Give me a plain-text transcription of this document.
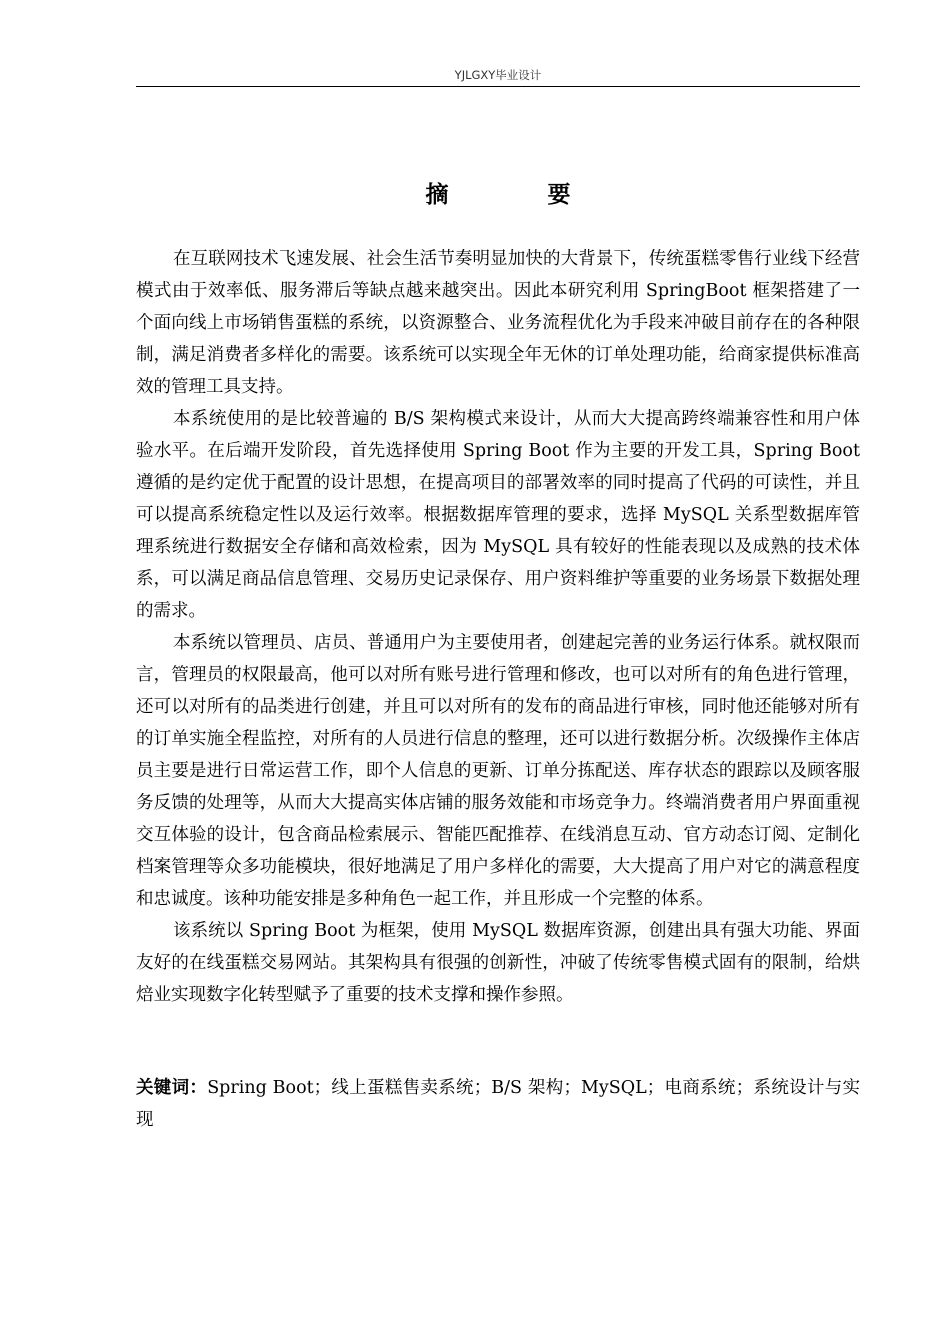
YJLGXY毕业设计
摘　要

在互联网技术飞速发展、社会生活节奏明显加快的大背景下，传统蛋糕零售行业线下经营模式由于效率低、服务滞后等缺点越来越突出。因此本研究利用 SpringBoot 框架搭建了一个面向线上市场销售蛋糕的系统，以资源整合、业务流程优化为手段来冲破目前存在的各种限制，满足消费者多样化的需要。该系统可以实现全年无休的订单处理功能，给商家提供标准高效的管理工具支持。

本系统使用的是比较普遍的 B/S 架构模式来设计，从而大大提高跨终端兼容性和用户体验水平。在后端开发阶段，首先选择使用 Spring Boot 作为主要的开发工具，Spring Boot 遵循的是约定优于配置的设计思想，在提高项目的部署效率的同时提高了代码的可读性，并且可以提高系统稳定性以及运行效率。根据数据库管理的要求，选择 MySQL 关系型数据库管理系统进行数据安全存储和高效检索，因为 MySQL 具有较好的性能表现以及成熟的技术体系，可以满足商品信息管理、交易历史记录保存、用户资料维护等重要的业务场景下数据处理的需求。

本系统以管理员、店员、普通用户为主要使用者，创建起完善的业务运行体系。就权限而言，管理员的权限最高，他可以对所有账号进行管理和修改，也可以对所有的角色进行管理，还可以对所有的品类进行创建，并且可以对所有的发布的商品进行审核，同时他还能够对所有的订单实施全程监控，对所有的人员进行信息的整理，还可以进行数据分析。次级操作主体店员主要是进行日常运营工作，即个人信息的更新、订单分拣配送、库存状态的跟踪以及顾客服务反馈的处理等，从而大大提高实体店铺的服务效能和市场竞争力。终端消费者用户界面重视交互体验的设计，包含商品检索展示、智能匹配推荐、在线消息互动、官方动态订阅、定制化档案管理等众多功能模块，很好地满足了用户多样化的需要，大大提高了用户对它的满意程度和忠诚度。该种功能安排是多种角色一起工作，并且形成一个完整的体系。

该系统以 Spring Boot 为框架，使用 MySQL 数据库资源，创建出具有强大功能、界面友好的在线蛋糕交易网站。其架构具有很强的创新性，冲破了传统零售模式固有的限制，给烘焙业实现数字化转型赋予了重要的技术支撑和操作参照。

关键词：Spring Boot；线上蛋糕售卖系统；B/S 架构；MySQL；电商系统；系统设计与实现
